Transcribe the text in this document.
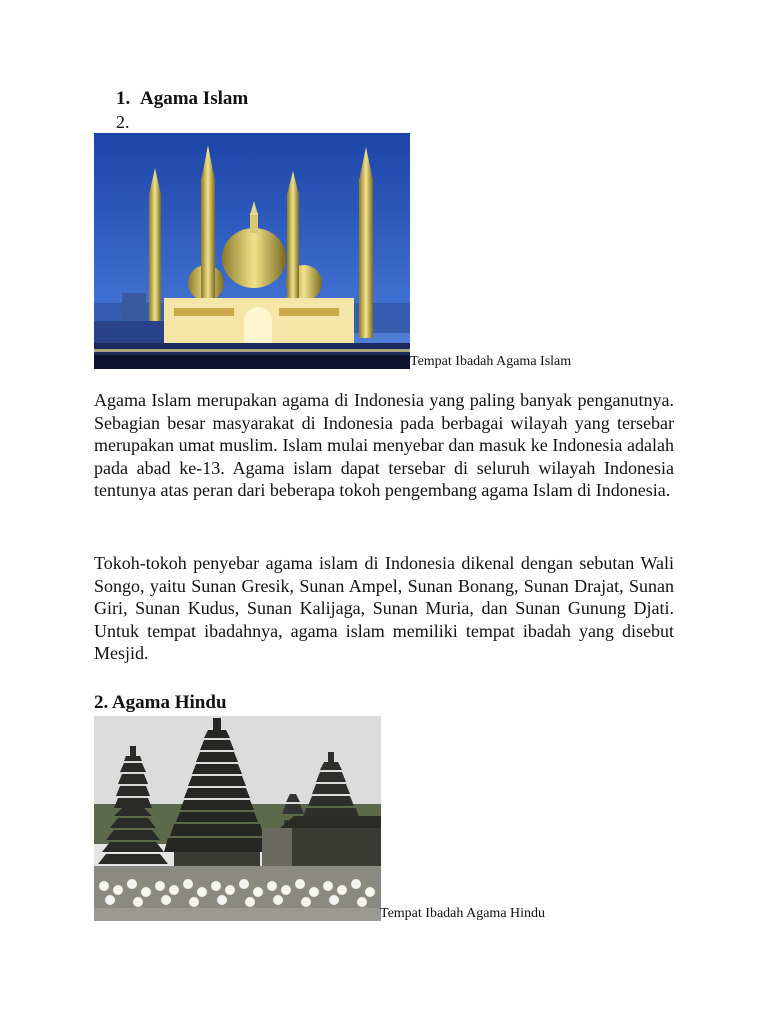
1. Agama Islam
2.
Tempat Ibadah Agama Islam
Agama Islam merupakan agama di Indonesia yang paling banyak penganutnya. Sebagian besar masyarakat di Indonesia pada berbagai wilayah yang tersebar merupakan umat muslim. Islam mulai menyebar dan masuk ke Indonesia adalah pada abad ke-13. Agama islam dapat tersebar di seluruh wilayah Indonesia tentunya atas peran dari beberapa tokoh pengembang agama Islam di Indonesia.
Tokoh-tokoh penyebar agama islam di Indonesia dikenal dengan sebutan Wali Songo, yaitu Sunan Gresik, Sunan Ampel, Sunan Bonang, Sunan Drajat, Sunan Giri, Sunan Kudus, Sunan Kalijaga, Sunan Muria, dan Sunan Gunung Djati. Untuk tempat ibadahnya, agama islam memiliki tempat ibadah yang disebut Mesjid.
2. Agama Hindu
Tempat Ibadah Agama Hindu
